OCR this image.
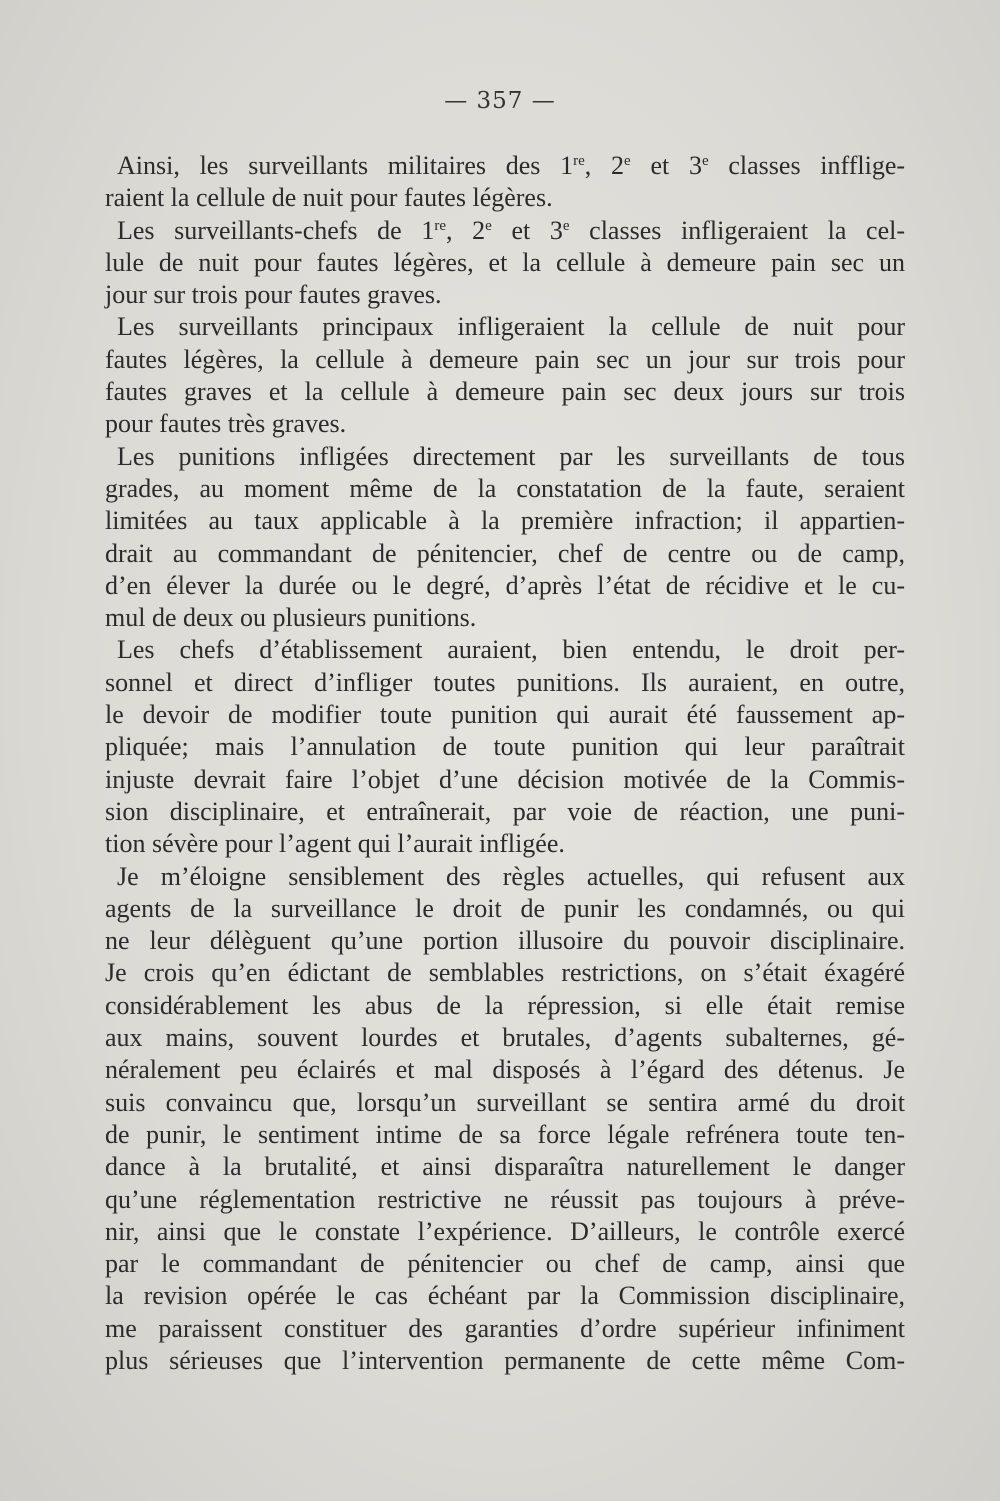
— 357 —
Ainsi, les surveillants militaires des 1re, 2e et 3e classes infflige-
raient la cellule de nuit pour fautes légères.
Les surveillants-chefs de 1re, 2e et 3e classes infligeraient la cel-
lule de nuit pour fautes légères, et la cellule à demeure pain sec un
jour sur trois pour fautes graves.
Les surveillants principaux infligeraient la cellule de nuit pour
fautes légères, la cellule à demeure pain sec un jour sur trois pour
fautes graves et la cellule à demeure pain sec deux jours sur trois
pour fautes très graves.
Les punitions infligées directement par les surveillants de tous
grades, au moment même de la constatation de la faute, seraient
limitées au taux applicable à la première infraction; il appartien-
drait au commandant de pénitencier, chef de centre ou de camp,
d’en élever la durée ou le degré, d’après l’état de récidive et le cu-
mul de deux ou plusieurs punitions.
Les chefs d’établissement auraient, bien entendu, le droit per-
sonnel et direct d’infliger toutes punitions. Ils auraient, en outre,
le devoir de modifier toute punition qui aurait été faussement ap-
pliquée; mais l’annulation de toute punition qui leur paraîtrait
injuste devrait faire l’objet d’une décision motivée de la Commis-
sion disciplinaire, et entraînerait, par voie de réaction, une puni-
tion sévère pour l’agent qui l’aurait infligée.
Je m’éloigne sensiblement des règles actuelles, qui refusent aux
agents de la surveillance le droit de punir les condamnés, ou qui
ne leur délèguent qu’une portion illusoire du pouvoir disciplinaire.
Je crois qu’en édictant de semblables restrictions, on s’était éxagéré
considérablement les abus de la répression, si elle était remise
aux mains, souvent lourdes et brutales, d’agents subalternes, gé-
néralement peu éclairés et mal disposés à l’égard des détenus. Je
suis convaincu que, lorsqu’un surveillant se sentira armé du droit
de punir, le sentiment intime de sa force légale refrénera toute ten-
dance à la brutalité, et ainsi disparaîtra naturellement le danger
qu’une réglementation restrictive ne réussit pas toujours à préve-
nir, ainsi que le constate l’expérience. D’ailleurs, le contrôle exercé
par le commandant de pénitencier ou chef de camp, ainsi que
la revision opérée le cas échéant par la Commission disciplinaire,
me paraissent constituer des garanties d’ordre supérieur infiniment
plus sérieuses que l’intervention permanente de cette même Com-
